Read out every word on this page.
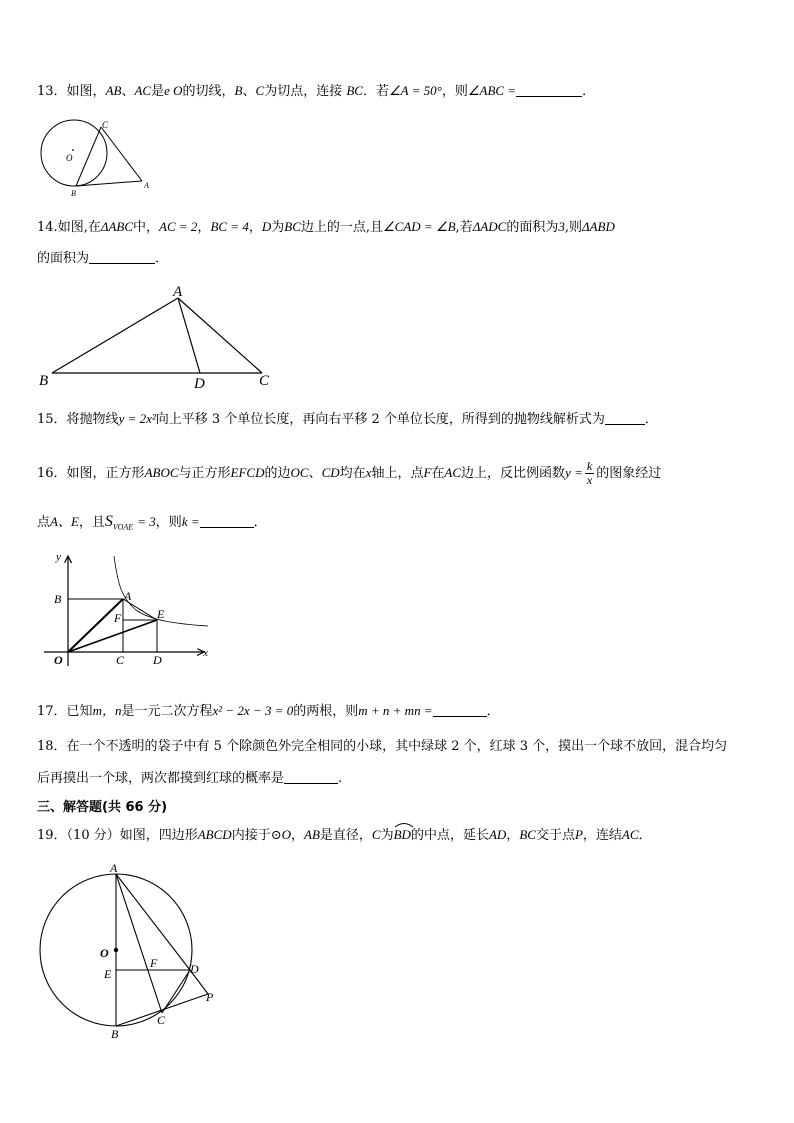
13．如图，AB、AC是e O的切线，B、C为切点，连接 BC．若∠A = 50°，则∠ABC =	．
C
O
B
A
14.如图,在ΔABC中，AC = 2，BC = 4，D为BC边上的一点,且∠CAD = ∠B,若ΔADC的面积为3,则ΔABD
的面积为	．
A
B	D	C
15．将抛物线y = 2x²向上平移 3 个单位长度，再向右平移 2 个单位长度，所得到的抛物线解析式为	．
16．如图，正方形ABOC与正方形EFCD的边OC、CD均在x轴上，点F在AC边上，反比例函数$y = \frac{k}{x}$ 的图象经过
点A、E，且$S_{VOAE} = 3$，则k =	．
y
B	A
F	E
O	C D	x
17．已知m，n是一元二次方程x² − 2x − 3 = 0的两根，则m + n + mn =	．
18．在一个不透明的袋子中有 5 个除颜色外完全相同的小球，其中绿球 2 个，红球 3 个，摸出一个球不放回，混合均匀
后再摸出一个球，两次都摸到红球的概率是	.
三、解答题(共 66 分)
19．（10 分）如图，四边形ABCD内接于⊙O，AB是直径，C为BD
的中点，延长AD，BC交于点P，连结AC．
A
O
E
F	D
P
C
B
